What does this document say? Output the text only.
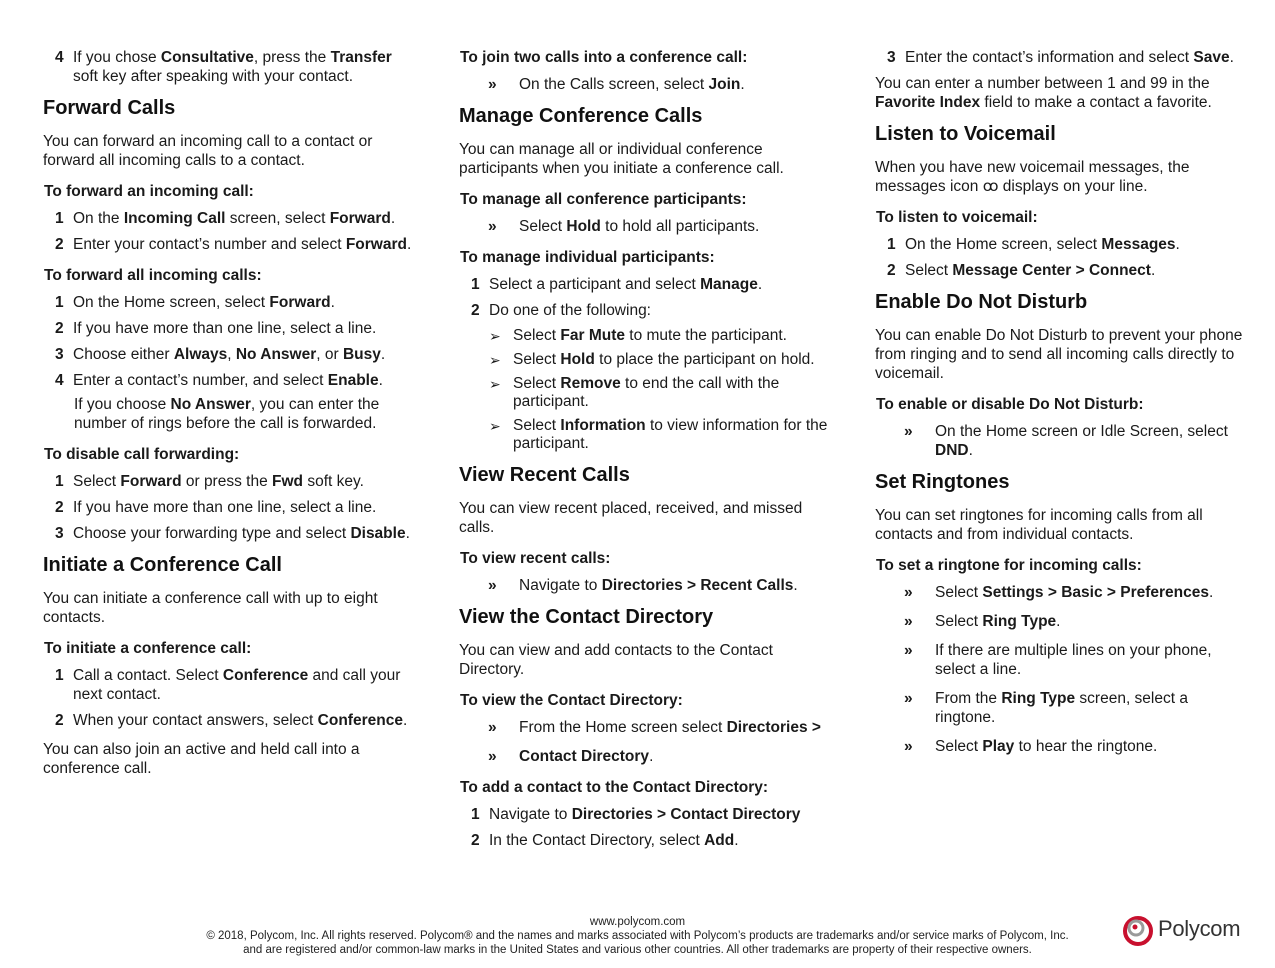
4 If you chose Consultative, press the Transfer soft key after speaking with your contact.
Forward Calls

You can forward an incoming call to a contact or forward all incoming calls to a contact.

To forward an incoming call:
1 On the Incoming Call screen, select Forward.
2 Enter your contact’s number and select Forward.
To forward all incoming calls:
1 On the Home screen, select Forward.
2 If you have more than one line, select a line.
3 Choose either Always, No Answer, or Busy.
4 Enter a contact’s number, and select Enable.
If you choose No Answer, you can enter the number of rings before the call is forwarded.
To disable call forwarding:
1 Select Forward or press the Fwd soft key.
2 If you have more than one line, select a line.
3 Choose your forwarding type and select Disable.
Initiate a Conference Call

You can initiate a conference call with up to eight contacts.

To initiate a conference call:
1 Call a contact. Select Conference and call your next contact.
2 When your contact answers, select Conference.

You can also join an active and held call into a conference call.

To join two calls into a conference call:
» On the Calls screen, select Join.
Manage Conference Calls

You can manage all or individual conference participants when you initiate a conference call.

To manage all conference participants:
» Select Hold to hold all participants.
To manage individual participants:
1 Select a participant and select Manage.
2 Do one of the following:
➢ Select Far Mute to mute the participant.
➢ Select Hold to place the participant on hold.
➢ Select Remove to end the call with the participant.
➢ Select Information to view information for the participant.
View Recent Calls

You can view recent placed, received, and missed calls.

To view recent calls:
» Navigate to Directories > Recent Calls.
View the Contact Directory

You can view and add contacts to the Contact Directory.

To view the Contact Directory:
» From the Home screen select Directories >
» Contact Directory.
To add a contact to the Contact Directory:
1 Navigate to Directories > Contact Directory
2 In the Contact Directory, select Add.
3 Enter the contact’s information and select Save.

You can enter a number between 1 and 99 in the Favorite Index field to make a contact a favorite.

Listen to Voicemail

When you have new voicemail messages, the messages icon ꝏ displays on your line.

To listen to voicemail:
1 On the Home screen, select Messages.
2 Select Message Center > Connect.
Enable Do Not Disturb

You can enable Do Not Disturb to prevent your phone from ringing and to send all incoming calls directly to voicemail.

To enable or disable Do Not Disturb:
» On the Home screen or Idle Screen, select DND.
Set Ringtones

You can set ringtones for incoming calls from all contacts and from individual contacts.

To set a ringtone for incoming calls:
» Select Settings > Basic > Preferences.
» Select Ring Type.
» If there are multiple lines on your phone, select a line.
» From the Ring Type screen, select a ringtone.
» Select Play to hear the ringtone.
www.polycom.com
© 2018, Polycom, Inc. All rights reserved. Polycom® and the names and marks associated with Polycom’s products are trademarks and/or service marks of Polycom, Inc.
and are registered and/or common-law marks in the United States and various other countries. All other trademarks are property of their respective owners.
Polycom
